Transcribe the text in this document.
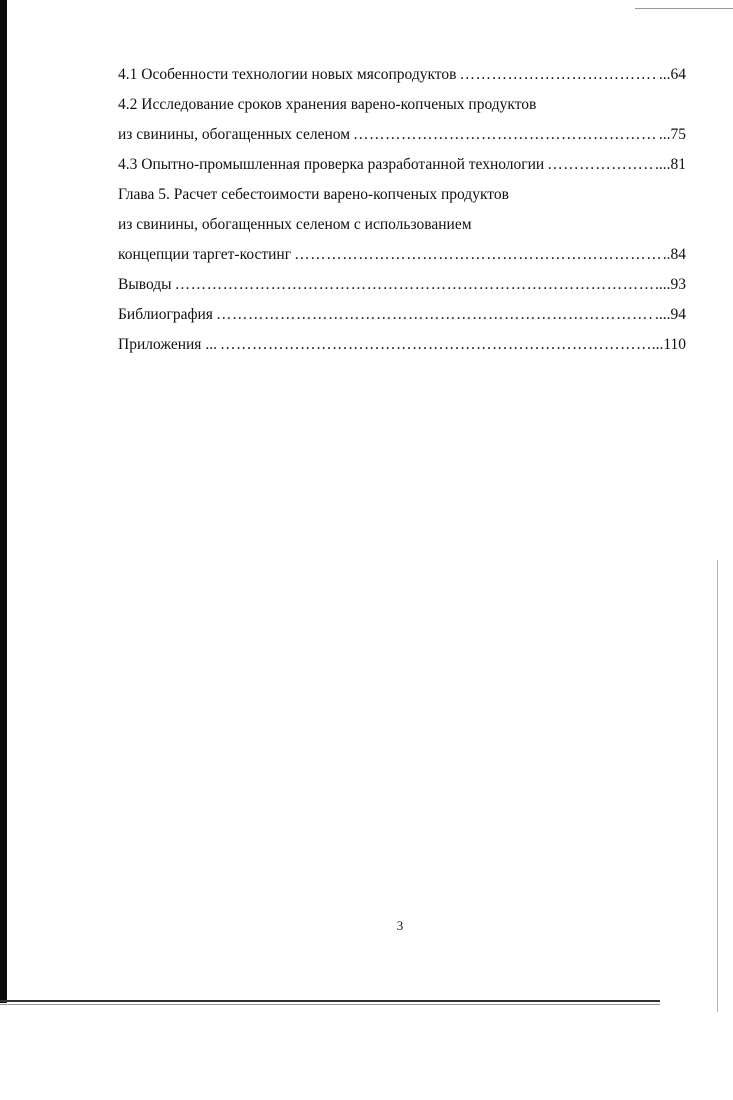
4.1 Особенности технологии новых мясопродуктов ……………………………………………………………………………………………………………………………………………………………………	...64
4.2 Исследование сроков хранения варено-копченых продуктов
из свинины, обогащенных селеном ……………………………………………………………………………………………………………………………………………………………………	...75
4.3 Опытно-промышленная проверка разработанной технологии ……………………………………………………………………………………………………………………………………………………………………	....81
Глава 5. Расчет себестоимости варено-копченых продуктов
из свинины, обогащенных селеном с использованием
концепции таргет-костинг ……………………………………………………………………………………………………………………………………………………………………	..84
Выводы ……………………………………………………………………………………………………………………………………………………………………	....93
Библиография ……………………………………………………………………………………………………………………………………………………………………	....94
Приложения ... ……………………………………………………………………………………………………………………………………………………………………	...110
3
